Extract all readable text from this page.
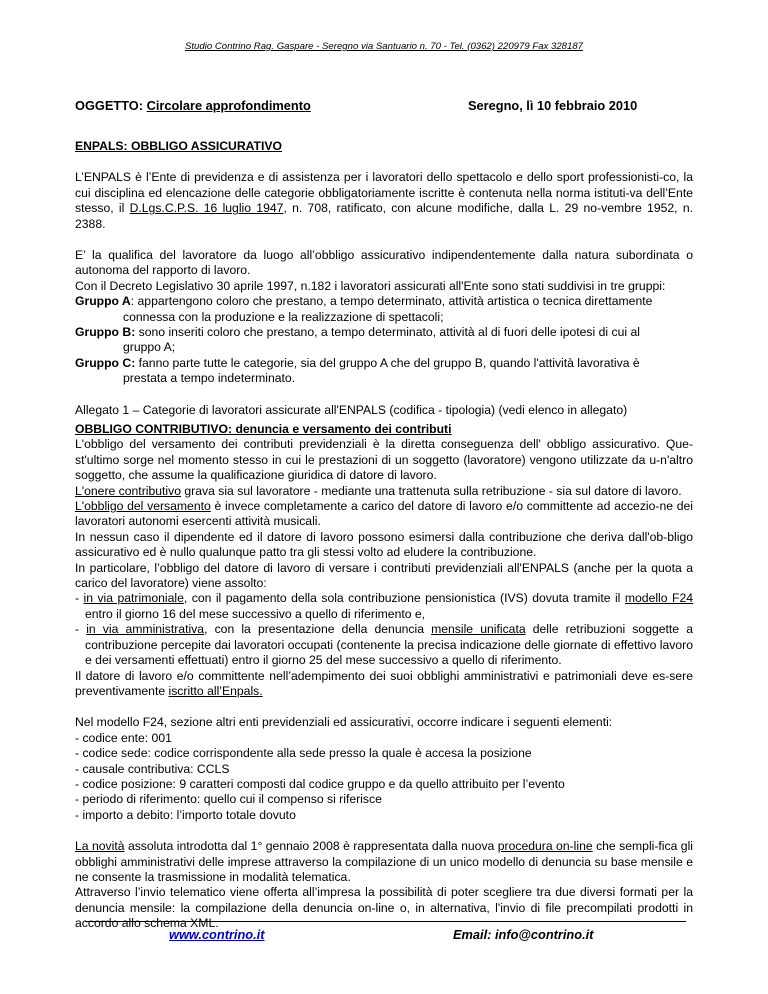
Studio Contrino Rag. Gaspare - Seregno via Santuario n. 70 - Tel. (0362) 220979 Fax 328187
OGGETTO: Circolare approfondimento	Seregno, lì 10 febbraio 2010

ENPALS: OBBLIGO ASSICURATIVO

L’ENPALS è l’Ente di previdenza e di assistenza per i lavoratori dello spettacolo e dello sport professionisti-co, la cui disciplina ed elencazione delle categorie obbligatoriamente iscritte è contenuta nella norma istituti-va dell’Ente stesso, il D.Lgs.C.P.S. 16 luglio 1947, n. 708, ratificato, con alcune modifiche, dalla L. 29 no-vembre 1952, n. 2388.

E’ la qualifica del lavoratore da luogo all’obbligo assicurativo indipendentemente dalla natura subordinata o autonoma del rapporto di lavoro.

Con il Decreto Legislativo 30 aprile 1997, n.182 i lavoratori assicurati all'Ente sono stati suddivisi in tre gruppi:

Gruppo A: appartengono coloro che prestano, a tempo determinato, attività artistica o tecnica direttamente

connessa con la produzione e la realizzazione di spettacoli;

Gruppo B: sono inseriti coloro che prestano, a tempo determinato, attività al di fuori delle ipotesi di cui al

gruppo A;

Gruppo C: fanno parte tutte le categorie, sia del gruppo A che del gruppo B, quando l'attività lavorativa è

prestata a tempo indeterminato.

Allegato 1 – Categorie di lavoratori assicurate all'ENPALS (codifica - tipologia) (vedi elenco in allegato)

OBBLIGO CONTRIBUTIVO: denuncia e versamento dei contributi

L'obbligo del versamento dei contributi previdenziali è la diretta conseguenza dell' obbligo assicurativo. Que-st'ultimo sorge nel momento stesso in cui le prestazioni di un soggetto (lavoratore) vengono utilizzate da u-n'altro soggetto, che assume la qualificazione giuridica di datore di lavoro.

L'onere contributivo grava sia sul lavoratore - mediante una trattenuta sulla retribuzione - sia sul datore di lavoro.

L'obbligo del versamento è invece completamente a carico del datore di lavoro e/o committente ad accezio-ne dei lavoratori autonomi esercenti attività musicali.

In nessun caso il dipendente ed il datore di lavoro possono esimersi dalla contribuzione che deriva dall'ob-bligo assicurativo ed è nullo qualunque patto tra gli stessi volto ad eludere la contribuzione.

In particolare, l’obbligo del datore di lavoro di versare i contributi previdenziali all'ENPALS (anche per la quota a carico del lavoratore) viene assolto:

- in via patrimoniale, con il pagamento della sola contribuzione pensionistica (IVS) dovuta tramite il modello F24 entro il giorno 16 del mese successivo a quello di riferimento e,

- in via amministrativa, con la presentazione della denuncia mensile unificata delle retribuzioni soggette a contribuzione percepite dai lavoratori occupati (contenente la precisa indicazione delle giornate di effettivo lavoro e dei versamenti effettuati) entro il giorno 25 del mese successivo a quello di riferimento.

Il datore di lavoro e/o committente nell’adempimento dei suoi obblighi amministrativi e patrimoniali deve es-sere preventivamente iscritto all’Enpals.

Nel modello F24, sezione altri enti previdenziali ed assicurativi, occorre indicare i seguenti elementi:

- codice ente: 001

- codice sede: codice corrispondente alla sede presso la quale è accesa la posizione

- causale contributiva: CCLS

- codice posizione: 9 caratteri composti dal codice gruppo e da quello attribuito per l’evento

- periodo di riferimento: quello cui il compenso si riferisce

- importo a debito: l’importo totale dovuto

La novità assoluta introdotta dal 1° gennaio 2008 è rappresentata dalla nuova procedura on-line che sempli-fica gli obblighi amministrativi delle imprese attraverso la compilazione di un unico modello di denuncia su base mensile e ne consente la trasmissione in modalità telematica.

Attraverso l’invio telematico viene offerta all’impresa la possibilità di poter scegliere tra due diversi formati per la denuncia mensile: la compilazione della denuncia on-line o, in alternativa, l'invio di file precompilati prodotti in accordo allo schema XML.

www.contrino.it	Email: info@contrino.it
